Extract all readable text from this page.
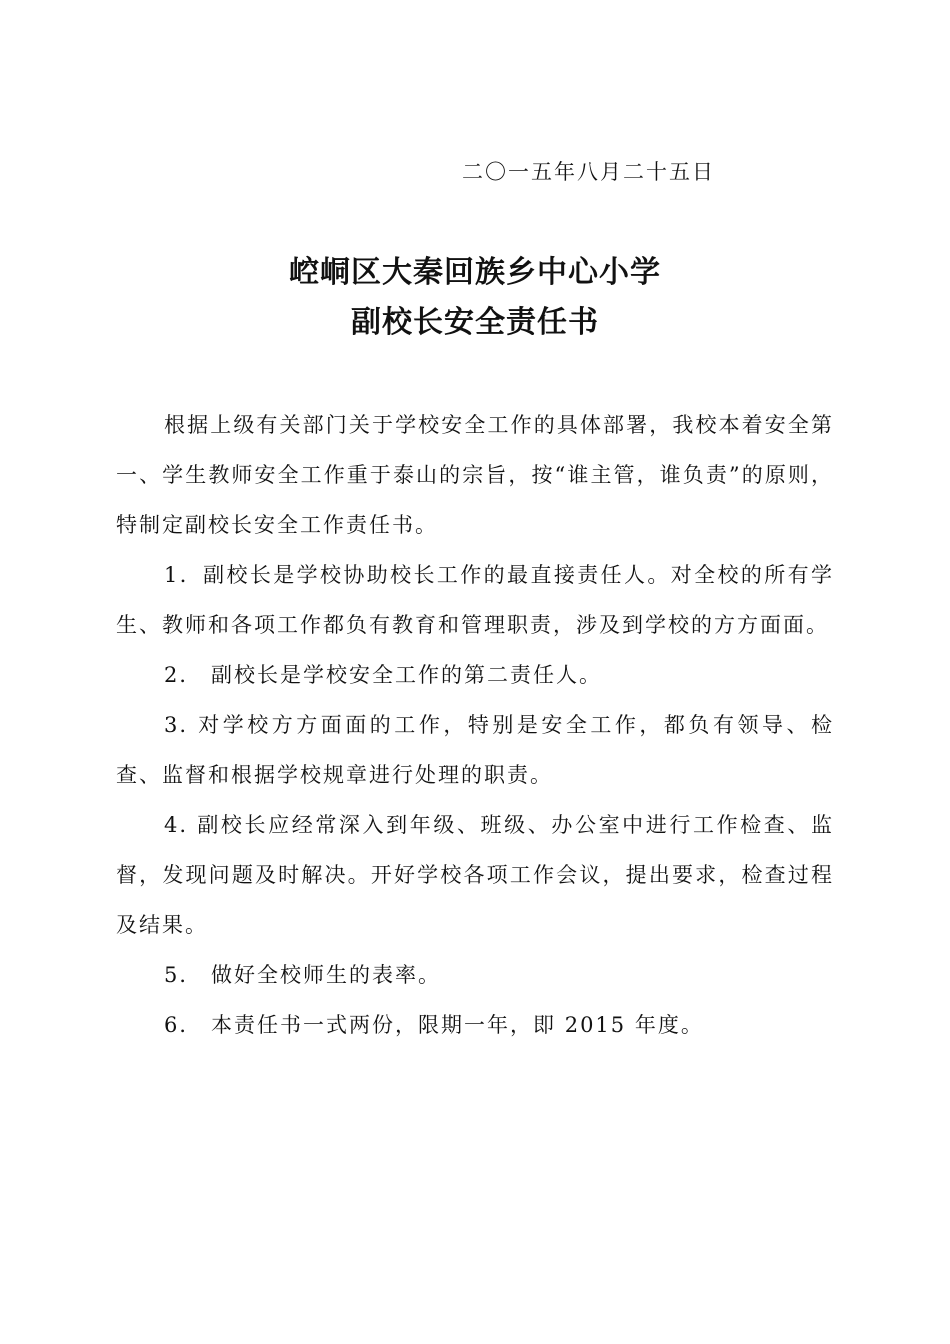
二〇一五年八月二十五日
崆峒区大秦回族乡中心小学
副校长安全责任书

根据上级有关部门关于学校安全工作的具体部署，我校本着安全第一、学生教师安全工作重于泰山的宗旨，按“谁主管，谁负责”的原则，特制定副校长安全工作责任书。

1．副校长是学校协助校长工作的最直接责任人。对全校的所有学生、教师和各项工作都负有教育和管理职责，涉及到学校的方方面面。

2． 副校长是学校安全工作的第二责任人。

3. 对学校方方面面的工作，特别是安全工作，都负有领导、检查、监督和根据学校规章进行处理的职责。

4. 副校长应经常深入到年级、班级、办公室中进行工作检查、监督，发现问题及时解决。开好学校各项工作会议，提出要求，检查过程及结果。

5． 做好全校师生的表率。

6． 本责任书一式两份，限期一年，即 2015 年度。
